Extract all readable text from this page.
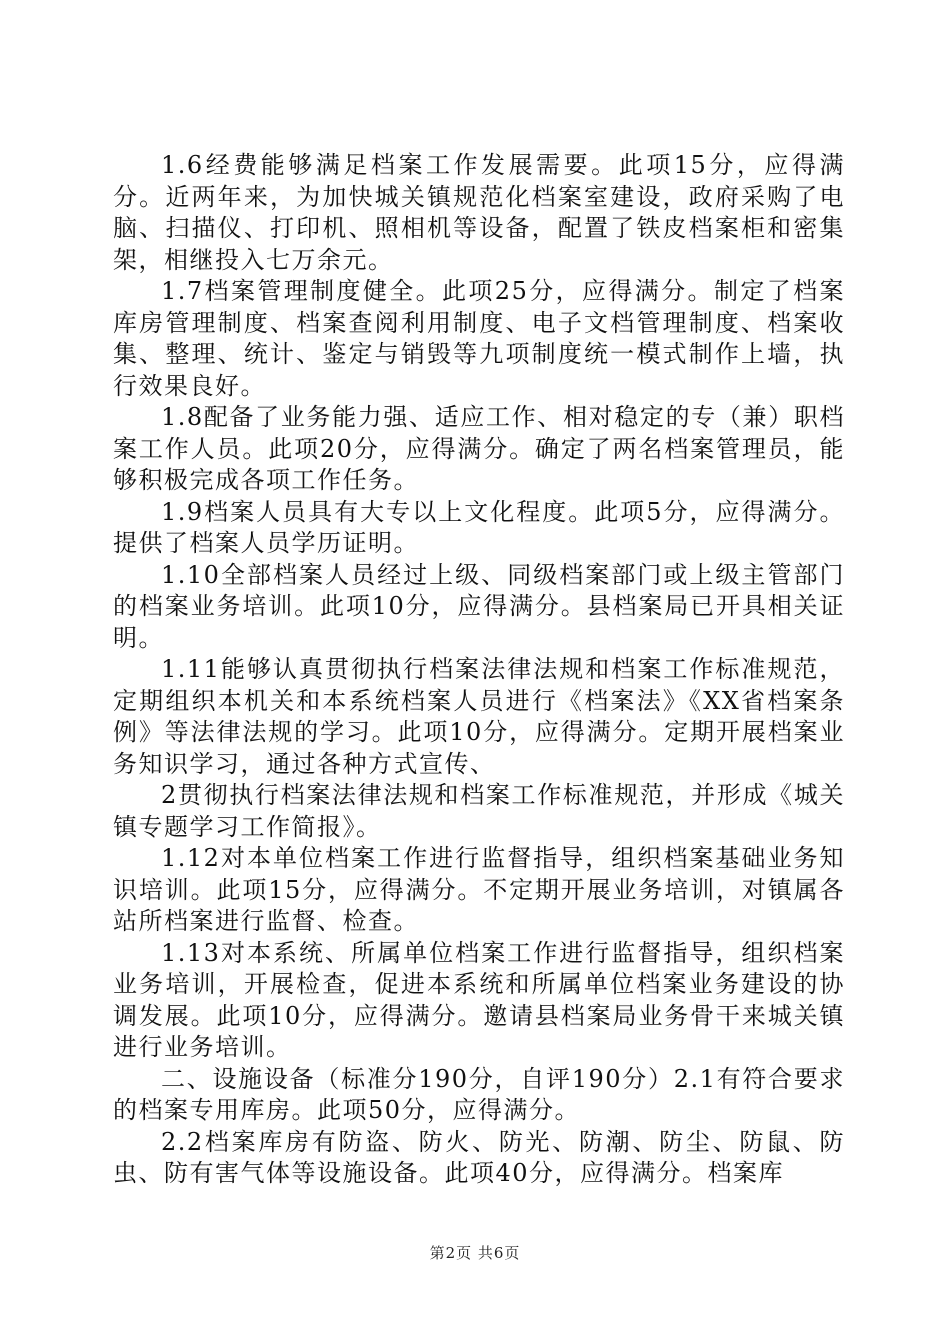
1.6经费能够满足档案工作发展需要。此项15分，应得满分。近两年来，为加快城关镇规范化档案室建设，政府采购了电脑、扫描仪、打印机、照相机等设备，配置了铁皮档案柜和密集架，相继投入七万余元。

1.7档案管理制度健全。此项25分，应得满分。制定了档案库房管理制度、档案查阅利用制度、电子文档管理制度、档案收集、整理、统计、鉴定与销毁等九项制度统一模式制作上墙，执行效果良好。

1.8配备了业务能力强、适应工作、相对稳定的专（兼）职档案工作人员。此项20分，应得满分。确定了两名档案管理员，能够积极完成各项工作任务。

1.9档案人员具有大专以上文化程度。此项5分，应得满分。提供了档案人员学历证明。

1.10全部档案人员经过上级、同级档案部门或上级主管部门的档案业务培训。此项10分，应得满分。县档案局已开具相关证明。

1.11能够认真贯彻执行档案法律法规和档案工作标准规范，定期组织本机关和本系统档案人员进行《档案法》《XX省档案条例》等法律法规的学习。此项10分，应得满分。定期开展档案业务知识学习，通过各种方式宣传、

2贯彻执行档案法律法规和档案工作标准规范，并形成《城关镇专题学习工作简报》。

1.12对本单位档案工作进行监督指导，组织档案基础业务知识培训。此项15分，应得满分。不定期开展业务培训，对镇属各站所档案进行监督、检查。

1.13对本系统、所属单位档案工作进行监督指导，组织档案业务培训，开展检查，促进本系统和所属单位档案业务建设的协调发展。此项10分，应得满分。邀请县档案局业务骨干来城关镇进行业务培训。

二、设施设备（标准分190分，自评190分）2.1有符合要求的档案专用库房。此项50分，应得满分。

2.2档案库房有防盗、防火、防光、防潮、防尘、防鼠、防虫、防有害气体等设施设备。此项40分，应得满分。档案库

第2页 共6页
